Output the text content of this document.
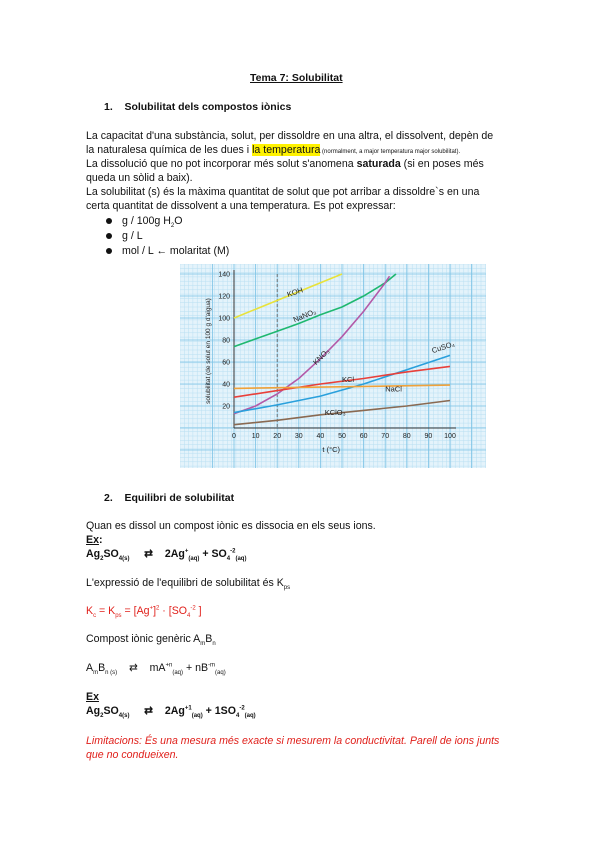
Tema 7: Solubilitat
1. Solubilitat dels compostos iònics
La capacitat d'una substància, solut, per dissoldre en una altra, el dissolvent, depèn de
la naturalesa química de les dues i la temperatura (normalment, a major temperatura major solubilitat).
La dissolució que no pot incorporar més solut s'anomena saturada (si en poses més
queda un sòlid a baix).
La solubilitat (s) és la màxima quantitat de solut que pot arribar a dissoldre`s en una
certa quantitat de dissolvent a una temperatura. Es pot expressar:
g / 100g $H_2O$
g / L
mol / L ← molaritat (M)
0 10 20 30 40 50 60 70 80 90 100
20
40
60
80
100
120
140
t (°C)
solubilitat (de solut en 100 g d'aigua)
KOH
NaNO₃
KNO₃	CuSO₄
KCl
NaCl
KClO₃
2. Equilibri de solubilitat
Quan es dissol un compost iònic es dissocia en els seus ions.
Ex:
$Ag_2SO_{4(s)}$ ⇄ $2Ag^+_{(aq)} + SO_4^{-2}_{(aq)}$
L'expressió de l'equilibri de solubilitat és $K_{ps}$
$K_c = K_{ps} = [Ag^+]^2 \cdot [SO_4^{-2}$ ]
Compost iònic genèric $A_mB_n$
$A_mB_{n (s)}$ ⇄ $mA^{+n}_{(aq)} + nB^{-m}_{(aq)}$
Ex
$Ag_2SO_{4(s)}$ ⇄ $2Ag^{+1}_{(aq)} + 1SO_4^{-2}_{(aq)}$
Limitacions: És una mesura més exacte si mesurem la conductivitat. Parell de ions junts
que no condueixen.
